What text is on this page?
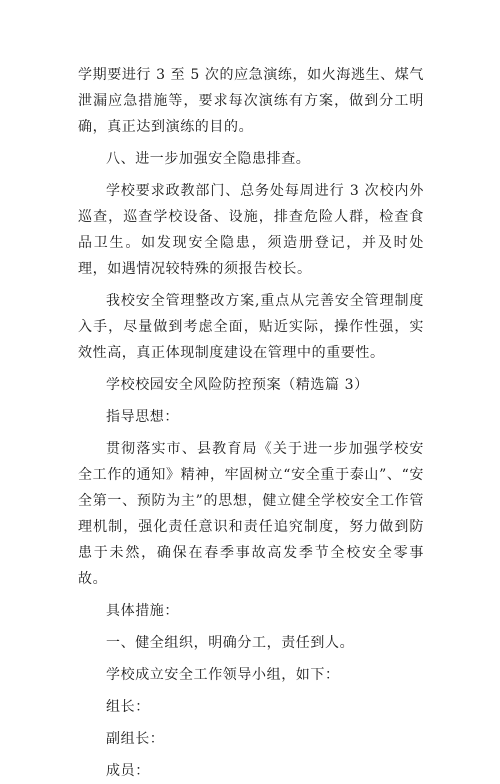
学期要进行 3 至 5 次的应急演练，如火海逃生、煤气泄漏应急措施等，要求每次演练有方案，做到分工明确，真正达到演练的目的。

八、进一步加强安全隐患排查。

学校要求政教部门、总务处每周进行 3 次校内外巡查，巡查学校设备、设施，排查危险人群，检查食品卫生。如发现安全隐患，须造册登记，并及时处理，如遇情况较特殊的须报告校长。

我校安全管理整改方案,重点从完善安全管理制度入手，尽量做到考虑全面，贴近实际，操作性强，实效性高，真正体现制度建设在管理中的重要性。

学校校园安全风险防控预案（精选篇 3）

指导思想：

贯彻落实市、县教育局《关于进一步加强学校安全工作的通知》精神，牢固树立“安全重于泰山”、“安全第一、预防为主”的思想，健立健全学校安全工作管理机制，强化责任意识和责任追究制度，努力做到防患于未然，确保在春季事故高发季节全校安全零事故。

具体措施：

一、健全组织，明确分工，责任到人。

学校成立安全工作领导小组，如下：

组长：

副组长：

成员：
